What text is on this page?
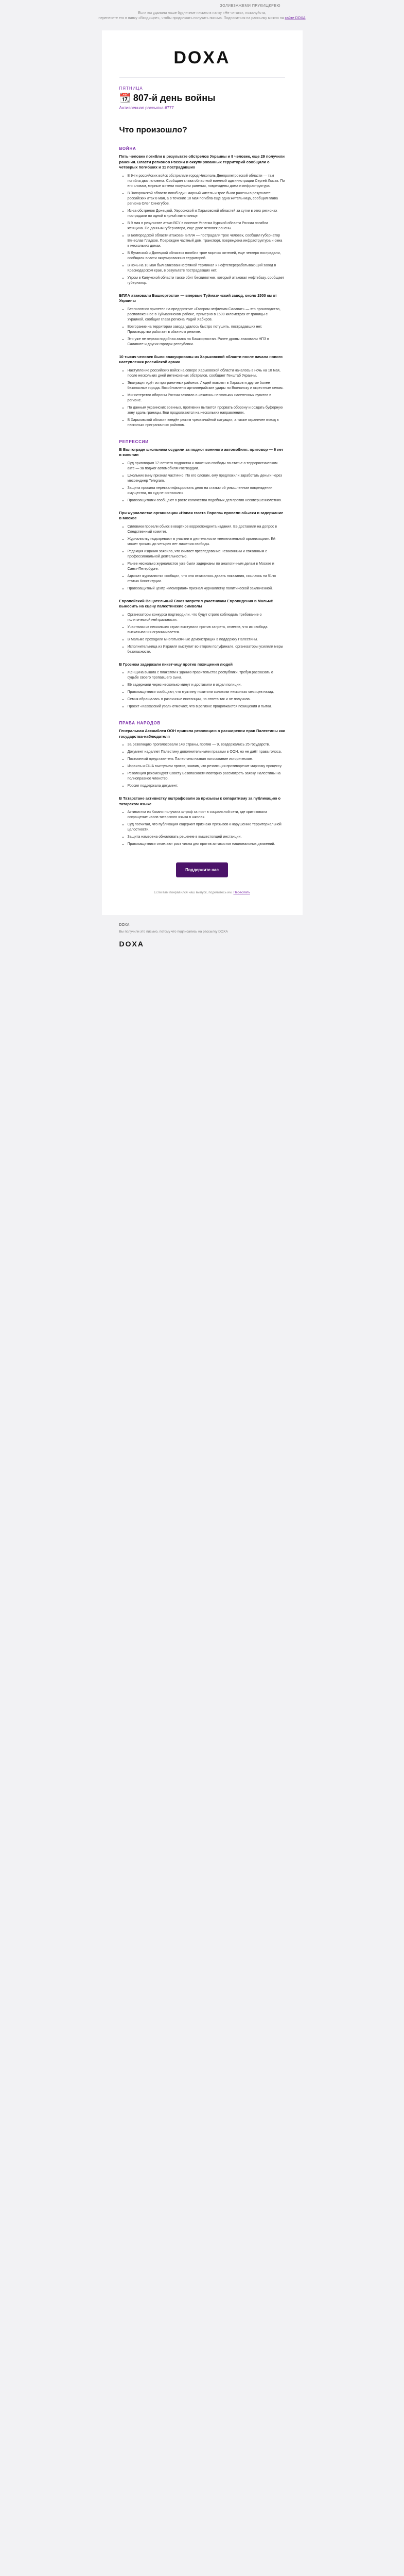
ЗОЛИВЗАЖЕМИ ПРУКИЩКРЕЮ
Если вы удалили наше будничное письмо в папку «Не читать», пожалуйста,
перенесите его в папку «Входящие», чтобы продолжать получать письма. Подписаться на рассылку можно на сайте DOXA
DOXA
ПЯТНИЦА
📆 807-й день войны
Антивоенная рассылка #777
Что произошло?
ВОЙНА

Пять человек погибли в результате обстрелов Украины и 8 человек, еще 29 получили ранения. Власти регионов России и оккупированных территорий сообщили о четверых погибших и 11 пострадавших

• В 9-ти российских войск обстреляли город Никополь Днепропетровской области — там погибла два человека. Сообщает глава областной военной администрации Сергей Лысак. По его словам, мирные жители получили ранения, повреждены дома и инфраструктура.
• В Запорожской области погиб один мирный житель и трое были ранены в результате российских атак 8 мая, а в течение 10 мая погибла ещё одна жительница, сообщил глава региона Олег Синегубов.
• Из-за обстрелов Донецкой, Херсонской и Харьковской областей за сутки в этих регионах пострадали по одной мирной жительнице.
• В 9 мая в результате атаки ВСУ в поселке Успенка Курской области России погибла женщина. По данным губернатора, еще двое человек ранены.
• В Белгородской области атакован БПЛА — пострадали трое человек, сообщил губернатор Вячеслав Гладков. Поврежден частный дом, транспорт, повреждена инфраструктура и окна в нескольких домах.
• В Луганской и Донецкой областях погибли трое мирных жителей, еще четверо пострадали, сообщили власти оккупированных территорий.
• В ночь на 10 мая был атакован нефтяной терминал и нефтеперерабатывающий завод в Краснодарском крае, в результате пострадавших нет.
• Утром в Калужской области также сбит беспилотник, который атаковал нефтебазу, сообщает губернатор.

БПЛА атаковали Башкортостан — впервые Туймазинский завод, около 1500 км от Украины

• Беспилотник прилетел на предприятие «Газпром нефтехим Салават» — это производство, расположенное в Туймазинском районе, примерно в 1500 километрах от границы с Украиной, сообщил глава региона Радий Хабиров.
• Возгорание на территории завода удалось быстро потушить, пострадавших нет. Производство работает в обычном режиме.
• Это уже не первая подобная атака на Башкортостан. Ранее дроны атаковали НПЗ в Салавате и других городах республики.

10 тысяч человек были эвакуированы из Харьковской области после начала нового наступления российской армии

• Наступление российских войск на севере Харьковской области началось в ночь на 10 мая, после нескольких дней интенсивных обстрелов, сообщает Генштаб Украины.
• Эвакуация идёт из приграничных районов. Людей вывозят в Харьков и другие более безопасные города. Возобновлены артиллерийские удары по Волчанску и окрестным селам.
• Министерство обороны России заявило о «взятии» нескольких населенных пунктов в регионе.
• По данным украинских военных, противник пытается прорвать оборону и создать буферную зону вдоль границы. Бои продолжаются на нескольких направлениях.
• В Харьковской области введён режим чрезвычайной ситуации, а также ограничен въезд в несколько приграничных районов.
РЕПРЕССИИ

В Волгограде школьника осудили за поджог военного автомобиля: приговор — 6 лет в колонии

• Суд приговорил 17-летнего подростка к лишению свободы по статье о террористическом акте — за поджог автомобиля Росгвардии.
• Школьник вину признал частично. По его словам, ему предложили заработать деньги через мессенджер Telegram.
• Защита просила переквалифицировать дело на статью об умышленном повреждении имущества, но суд не согласился.
• Правозащитники сообщают о росте количества подобных дел против несовершеннолетних.

При журналистке организации «Новая газета Европа» провели обыски и задержание в Москве

• Силовики провели обыск в квартире корреспондента издания. Ее доставили на допрос в Следственный комитет.
• Журналистку подозревают в участии в деятельности «нежелательной организации». Ей может грозить до четырех лет лишения свободы.
• Редакция издания заявила, что считает преследование незаконным и связанным с профессиональной деятельностью.
• Ранее несколько журналистов уже были задержаны по аналогичным делам в Москве и Санкт-Петербурге.
• Адвокат журналистки сообщил, что она отказалась давать показания, ссылаясь на 51-ю статью Конституции.
• Правозащитный центр «Мемориал» признал журналистку политической заключенной.

Европейский Вещательный Союз запретил участникам Евровидения в Мальмё выносить на сцену палестинские символы

• Организаторы конкурса подтвердили, что будут строго соблюдать требование о политической нейтральности.
• Участники из нескольких стран выступили против запрета, отметив, что их свобода высказывания ограничивается.
• В Мальмё проходили многотысячные демонстрации в поддержку Палестины.
• Исполнительница из Израиля выступит во втором полуфинале, организаторы усилили меры безопасности.

В Грозном задержали пикетчицу против похищения людей

• Женщина вышла с плакатом к зданию правительства республики, требуя рассказать о судьбе своего пропавшего сына.
• Её задержали через несколько минут и доставили в отдел полиции.
• Правозащитники сообщают, что мужчину похитили силовики несколько месяцев назад.
• Семья обращалась в различные инстанции, но ответа так и не получила.
• Проект «Кавказский узел» отмечает, что в регионе продолжаются похищения и пытки.
ПРАВА НАРОДОВ

Генеральная Ассамблея ООН приняла резолюцию о расширении прав Палестины как государства-наблюдателя

• За резолюцию проголосовали 143 страны, против — 9, воздержались 25 государств.
• Документ наделяет Палестину дополнительными правами в ООН, но не даёт права голоса.
• Постоянный представитель Палестины назвал голосование историческим.
• Израиль и США выступили против, заявив, что резолюция противоречит мирному процессу.
• Резолюция рекомендует Совету Безопасности повторно рассмотреть заявку Палестины на полноправное членство.
• Россия поддержала документ.

В Татарстане активистку оштрафовали за призывы к сепаратизму за публикацию о татарском языке

• Активистка из Казани получила штраф за пост в социальной сети, где критиковала сокращение часов татарского языка в школах.
• Суд посчитал, что публикация содержит признаки призывов к нарушению территориальной целостности.
• Защита намерена обжаловать решение в вышестоящей инстанции.
• Правозащитники отмечают рост числа дел против активистов национальных движений.
Поддержите нас
Если вам понравился наш выпуск, поделитесь им. Переслать
DOXA
Вы получили это письмо, потому что подписались на рассылку DOXA
DOXA
